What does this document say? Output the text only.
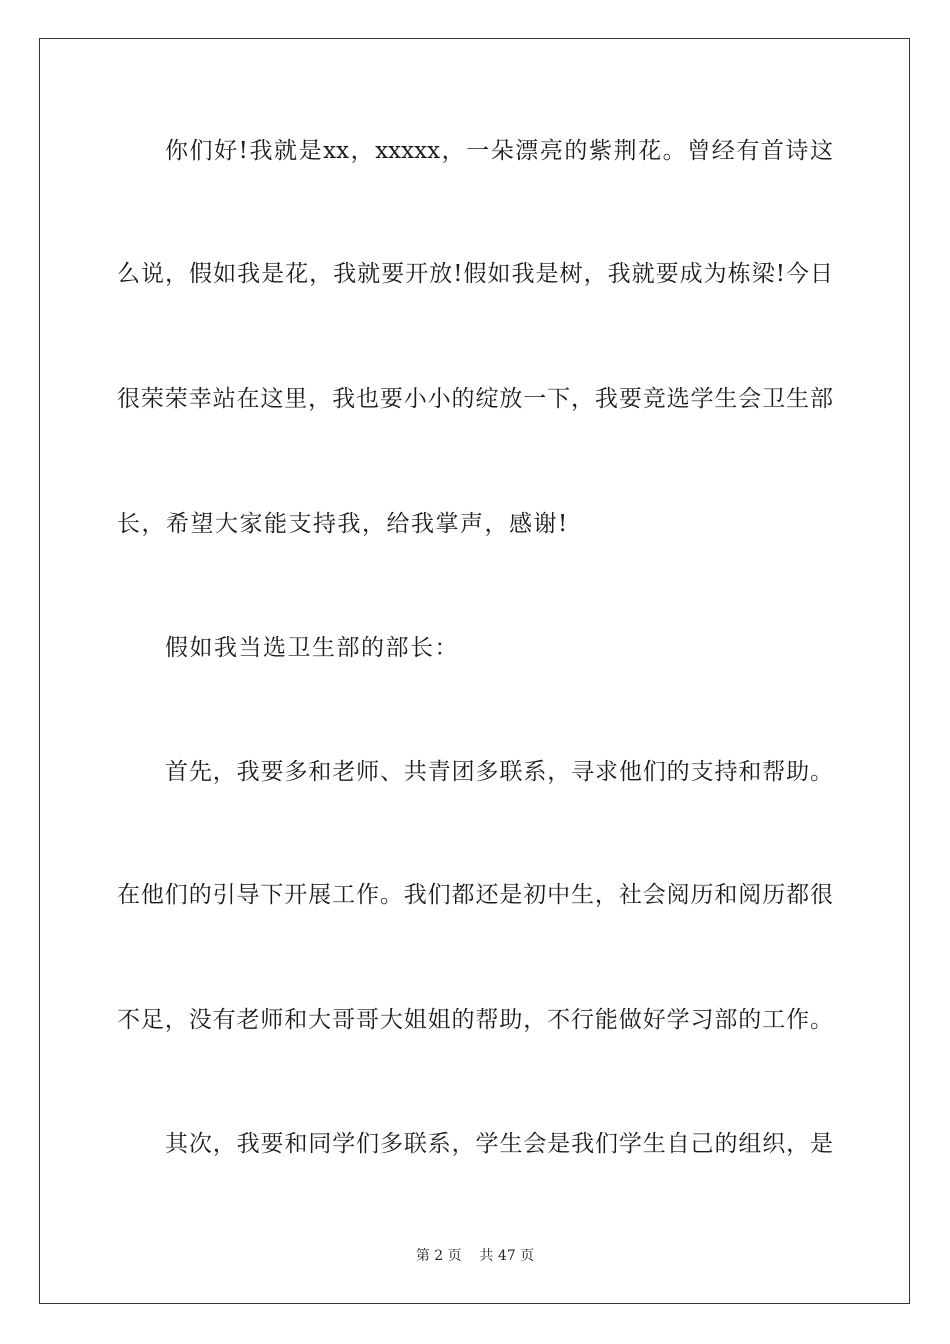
你们好!我就是xx，xxxxx，一朵漂亮的紫荆花。曾经有首诗这
么说，假如我是花，我就要开放!假如我是树，我就要成为栋梁!今日
很荣荣幸站在这里，我也要小小的绽放一下，我要竞选学生会卫生部
长，希望大家能支持我，给我掌声，感谢!
假如我当选卫生部的部长：
首先，我要多和老师、共青团多联系，寻求他们的支持和帮助。
在他们的引导下开展工作。我们都还是初中生，社会阅历和阅历都很
不足，没有老师和大哥哥大姐姐的帮助，不行能做好学习部的工作。
其次，我要和同学们多联系，学生会是我们学生自己的组织，是
第 2 页    共 47 页
